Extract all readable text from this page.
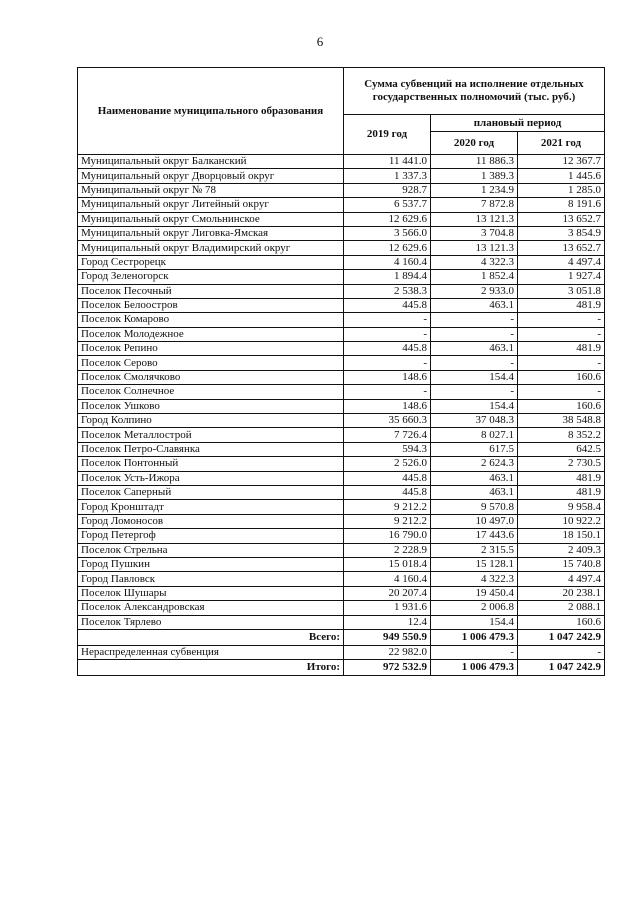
6
Наименование муниципального образования	Сумма субвенций на исполнение отдельных государственных полномочий (тыс. руб.)		
	2019 год	плановый период	
		2020 год	2021 год
Муниципальный округ Балканский	11 441.0	11 886.3	12 367.7
Муниципальный округ Дворцовый округ	1 337.3	1 389.3	1 445.6
Муниципальный округ № 78	928.7	1 234.9	1 285.0
Муниципальный округ Литейный округ	6 537.7	7 872.8	8 191.6
Муниципальный округ Смольнинское	12 629.6	13 121.3	13 652.7
Муниципальный округ Лиговка-Ямская	3 566.0	3 704.8	3 854.9
Муниципальный округ Владимирский округ	12 629.6	13 121.3	13 652.7
Город Сестрорецк	4 160.4	4 322.3	4 497.4
Город Зеленогорск	1 894.4	1 852.4	1 927.4
Поселок Песочный	2 538.3	2 933.0	3 051.8
Поселок Белоостров	445.8	463.1	481.9
Поселок Комарово	-	-	-
Поселок Молодежное	-	-	-
Поселок Репино	445.8	463.1	481.9
Поселок Серово	-	-	-
Поселок Смолячково	148.6	154.4	160.6
Поселок Солнечное	-	-	-
Поселок Ушково	148.6	154.4	160.6
Город Колпино	35 660.3	37 048.3	38 548.8
Поселок Металлострой	7 726.4	8 027.1	8 352.2
Поселок Петро-Славянка	594.3	617.5	642.5
Поселок Понтонный	2 526.0	2 624.3	2 730.5
Поселок Усть-Ижора	445.8	463.1	481.9
Поселок Саперный	445.8	463.1	481.9
Город Кронштадт	9 212.2	9 570.8	9 958.4
Город Ломоносов	9 212.2	10 497.0	10 922.2
Город Петергоф	16 790.0	17 443.6	18 150.1
Поселок Стрельна	2 228.9	2 315.5	2 409.3
Город Пушкин	15 018.4	15 128.1	15 740.8
Город Павловск	4 160.4	4 322.3	4 497.4
Поселок Шушары	20 207.4	19 450.4	20 238.1
Поселок Александровская	1 931.6	2 006.8	2 088.1
Поселок Тярлево	12.4	154.4	160.6
Всего:	949 550.9	1 006 479.3	1 047 242.9
Нераспределенная субвенция	22 982.0	-	-
Итого:	972 532.9	1 006 479.3	1 047 242.9
